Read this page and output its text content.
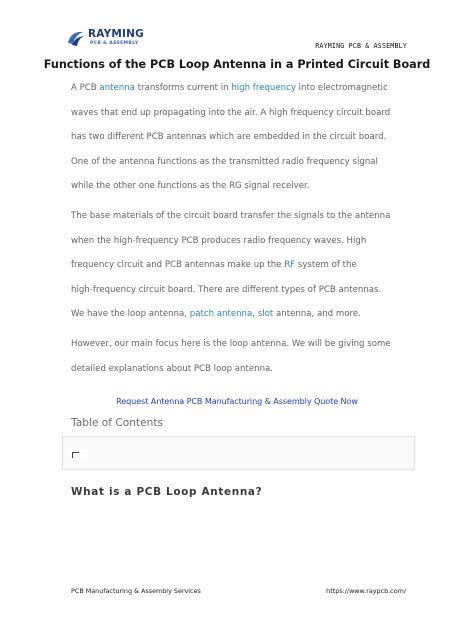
RAYMING
PCB & ASSEMBLY	RAYMING PCB & ASSEMBLY
Functions of the PCB Loop Antenna in a Printed Circuit Board
A PCB antenna transforms current in high frequency into electromagnetic
waves that end up propagating into the air. A high frequency circuit board
has two different PCB antennas which are embedded in the circuit board.
One of the antenna functions as the transmitted radio frequency signal
while the other one functions as the RG signal receiver.
The base materials of the circuit board transfer the signals to the antenna
when the high-frequency PCB produces radio frequency waves. High
frequency circuit and PCB antennas make up the RF system of the
high-frequency circuit board. There are different types of PCB antennas.
We have the loop antenna, patch antenna, slot antenna, and more.
However, our main focus here is the loop antenna. We will be giving some
detailed explanations about PCB loop antenna.
Request Antenna PCB Manufacturing & Assembly Quote Now
Table of Contents
What is a PCB Loop Antenna?
PCB Manufacturing & Assembly Services	https://www.raypcb.com/
